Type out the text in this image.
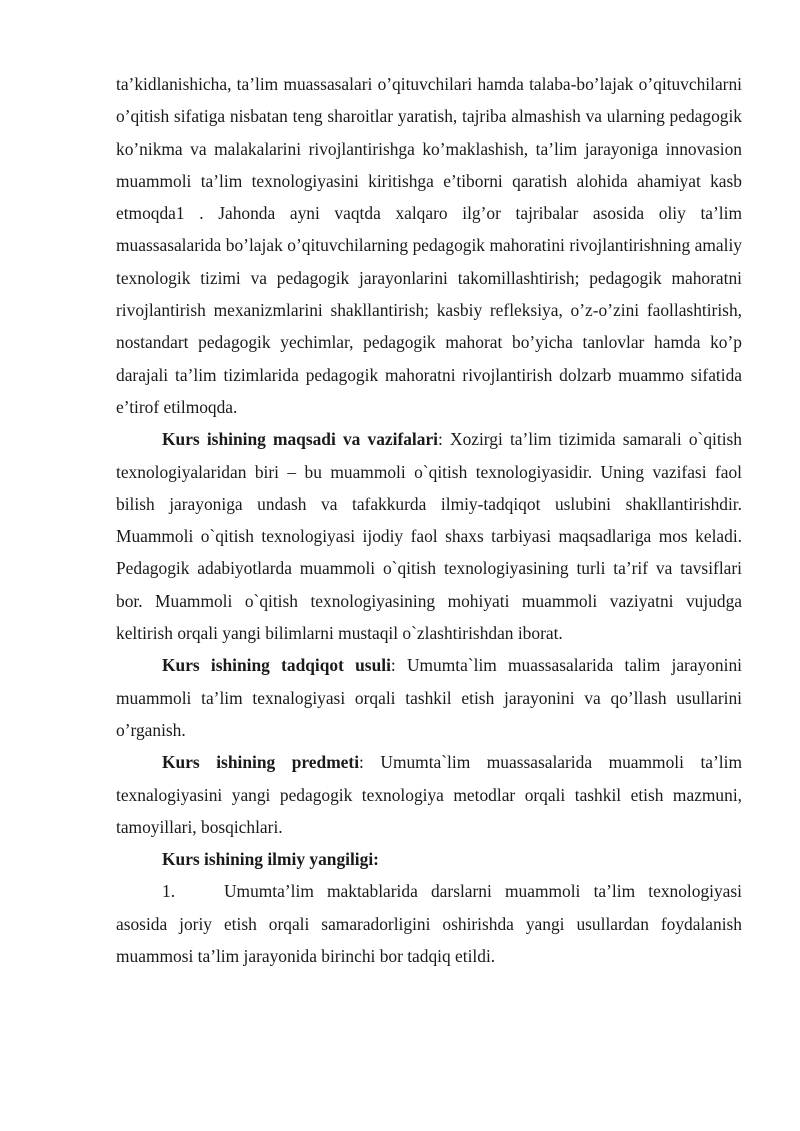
ta’kidlanishicha, ta’lim muassasalari o’qituvchilari hamda talaba-bo’lajak o’qituvchilarni o’qitish sifatiga nisbatan teng sharoitlar yaratish, tajriba almashish va ularning pedagogik ko’nikma va malakalarini rivojlantirishga ko’maklashish, ta’lim jarayoniga innovasion muammoli ta’lim texnologiyasini kiritishga e’tiborni qaratish alohida ahamiyat kasb etmoqda1 . Jahonda ayni vaqtda xalqaro ilg’or tajribalar asosida oliy ta’lim muassasalarida bo’lajak o’qituvchilarning pedagogik mahoratini rivojlantirishning amaliy texnologik tizimi va pedagogik jarayonlarini takomillashtirish; pedagogik mahoratni rivojlantirish mexanizmlarini shakllantirish; kasbiy refleksiya, o’z-o’zini faollashtirish, nostandart pedagogik yechimlar, pedagogik mahorat bo’yicha tanlovlar hamda ko’p darajali ta’lim tizimlarida pedagogik mahoratni rivojlantirish dolzarb muammo sifatida e’tirof etilmoqda.

Kurs ishining maqsadi va vazifalari: Xozirgi ta’lim tizimida samarali o`qitish texnologiyalaridan biri – bu muammoli o`qitish texnologiyasidir. Uning vazifasi faol bilish jarayoniga undash va tafakkurda ilmiy-tadqiqot uslubini shakllantirishdir. Muammoli o`qitish texnologiyasi ijodiy faol shaxs tarbiyasi maqsadlariga mos keladi. Pedagogik adabiyotlarda muammoli o`qitish texnologiyasining turli ta’rif va tavsiflari bor. Muammoli o`qitish texnologiyasining mohiyati muammoli vaziyatni vujudga keltirish orqali yangi bilimlarni mustaqil o`zlashtirishdan iborat.

Kurs ishining tadqiqot usuli: Umumta`lim muassasalarida talim jarayonini muammoli ta’lim texnalogiyasi orqali tashkil etish jarayonini va qo’llash usullarini o’rganish.

Kurs ishining predmeti: Umumta`lim muassasalarida muammoli ta’lim texnalogiyasini yangi pedagogik texnologiya metodlar orqali tashkil etish mazmuni, tamoyillari, bosqichlari.

Kurs ishining ilmiy yangiligi:

1.	Umumta’lim maktablarida darslarni muammoli ta’lim texnologiyasi asosida joriy etish orqali samaradorligini oshirishda yangi usullardan foydalanish muammosi ta’lim jarayonida birinchi bor tadqiq etildi.
